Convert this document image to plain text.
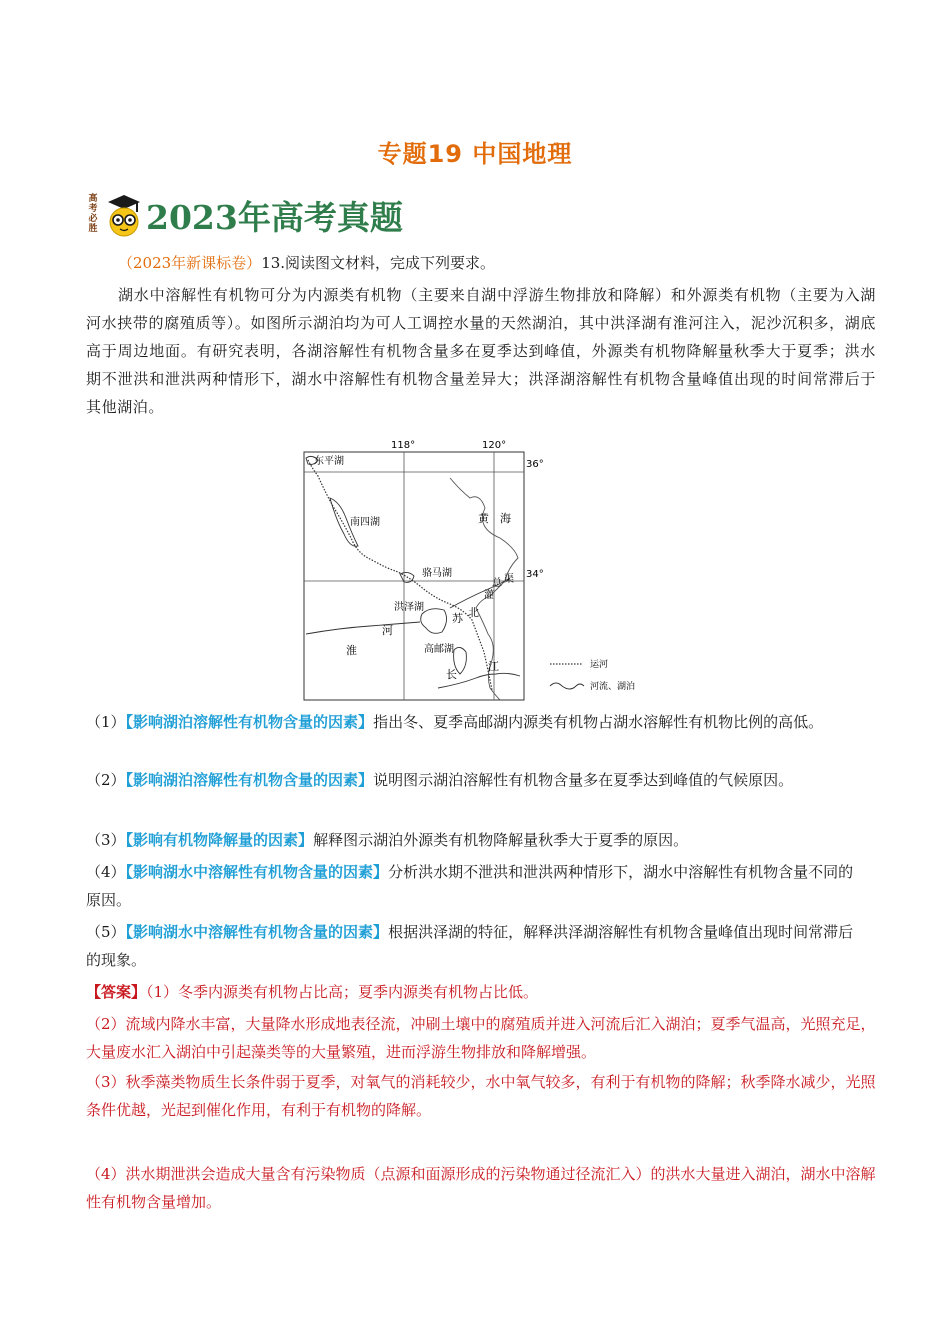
专题19 中国地理
高考必胜 2023年高考真题
（2023年新课标卷）13.阅读图文材料，完成下列要求。
湖水中溶解性有机物可分为内源类有机物（主要来自湖中浮游生物排放和降解）和外源类有机物（主要为入湖河水挟带的腐殖质等）。如图所示湖泊均为可人工调控水量的天然湖泊，其中洪泽湖有淮河注入，泥沙沉积多，湖底高于周边地面。有研究表明，各湖溶解性有机物含量多在夏季达到峰值，外源类有机物降解量秋季大于夏季；洪水期不泄洪和泄洪两种情形下，湖水中溶解性有机物含量差异大；洪泽湖溶解性有机物含量峰值出现的时间常滞后于其他湖泊。
118°	120°
36°
34°
东平湖
南四湖	黄 海
骆马湖
洪泽湖
苏 北
灌
总 渠
淮
河
高邮湖
江
长
运河
河流、湖泊
（1）【影响湖泊溶解性有机物含量的因素】指出冬、夏季高邮湖内源类有机物占湖水溶解性有机物比例的高低。
（2）【影响湖泊溶解性有机物含量的因素】说明图示湖泊溶解性有机物含量多在夏季达到峰值的气候原因。
（3）【影响有机物降解量的因素】解释图示湖泊外源类有机物降解量秋季大于夏季的原因。
（4）【影响湖水中溶解性有机物含量的因素】分析洪水期不泄洪和泄洪两种情形下，湖水中溶解性有机物含量不同的原因。
（5）【影响湖水中溶解性有机物含量的因素】根据洪泽湖的特征，解释洪泽湖溶解性有机物含量峰值出现时间常滞后的现象。
【答案】（1）冬季内源类有机物占比高；夏季内源类有机物占比低。
（2）流域内降水丰富，大量降水形成地表径流，冲刷土壤中的腐殖质并进入河流后汇入湖泊；夏季气温高，光照充足，大量废水汇入湖泊中引起藻类等的大量繁殖，进而浮游生物排放和降解增强。
（3）秋季藻类物质生长条件弱于夏季，对氧气的消耗较少，水中氧气较多，有利于有机物的降解；秋季降水减少，光照条件优越，光起到催化作用，有利于有机物的降解。
（4）洪水期泄洪会造成大量含有污染物质（点源和面源形成的污染物通过径流汇入）的洪水大量进入湖泊，湖水中溶解性有机物含量增加。
